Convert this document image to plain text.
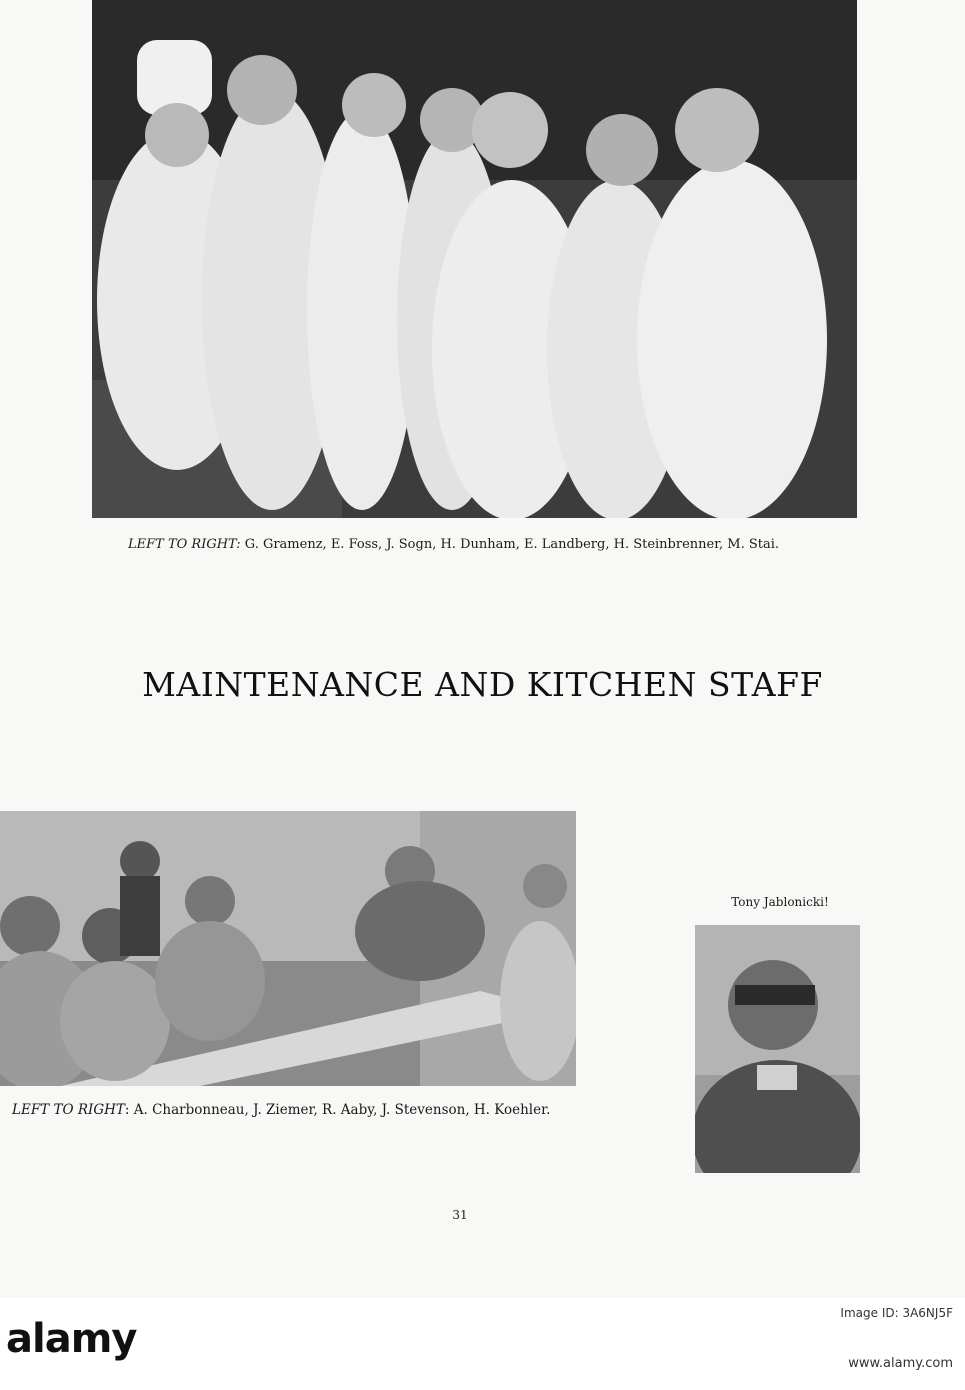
LEFT TO RIGHT: G. Gramenz, E. Foss, J. Sogn, H. Dunham, E. Landberg, H. Steinbrenner, M. Stai.
MAINTENANCE AND KITCHEN STAFF
Tony Jablonicki!
LEFT TO RIGHT: A. Charbonneau, J. Ziemer, R. Aaby, J. Stevenson, H. Koehler.
31
alamy
Image ID: 3A6NJ5F
www.alamy.com
